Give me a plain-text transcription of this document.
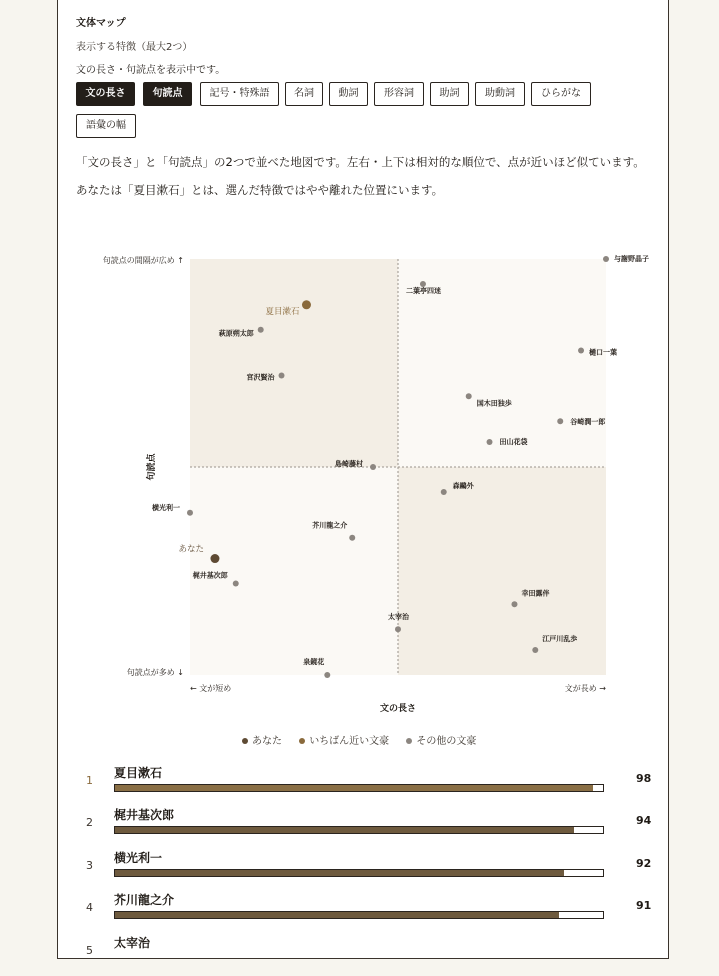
文体マップ
表示する特徴（最大2つ）
文の長さ・句読点を表示中です。
文の長さ	句読点	記号・特殊語	名詞	動詞	形容詞	助詞	助動詞	ひらがな
語彙の幅
「文の長さ」と「句読点」の2つで並べた地図です。左右・上下は相対的な順位で、点が近いほど似ています。
あなたは「夏目漱石」とは、選んだ特徴ではやや離れた位置にいます。
句読点の間隔が広め ↑
句読点が多め ↓
← 文が短め	文が長め →
文の長さ
句読点
与謝野晶子
二葉亭四迷
夏目漱石
萩原朔太郎
樋口一葉
宮沢賢治
国木田独歩
谷崎潤一郎
田山花袋
島崎藤村
森鷗外
横光利一
芥川龍之介
あなた
梶井基次郎
幸田露伴
太宰治
江戸川乱歩
泉鏡花
あなた	いちばん近い文豪	その他の文豪
1
夏目漱石	98
2
梶井基次郎	94
3
横光利一	92
4
芥川龍之介	91
5
太宰治
